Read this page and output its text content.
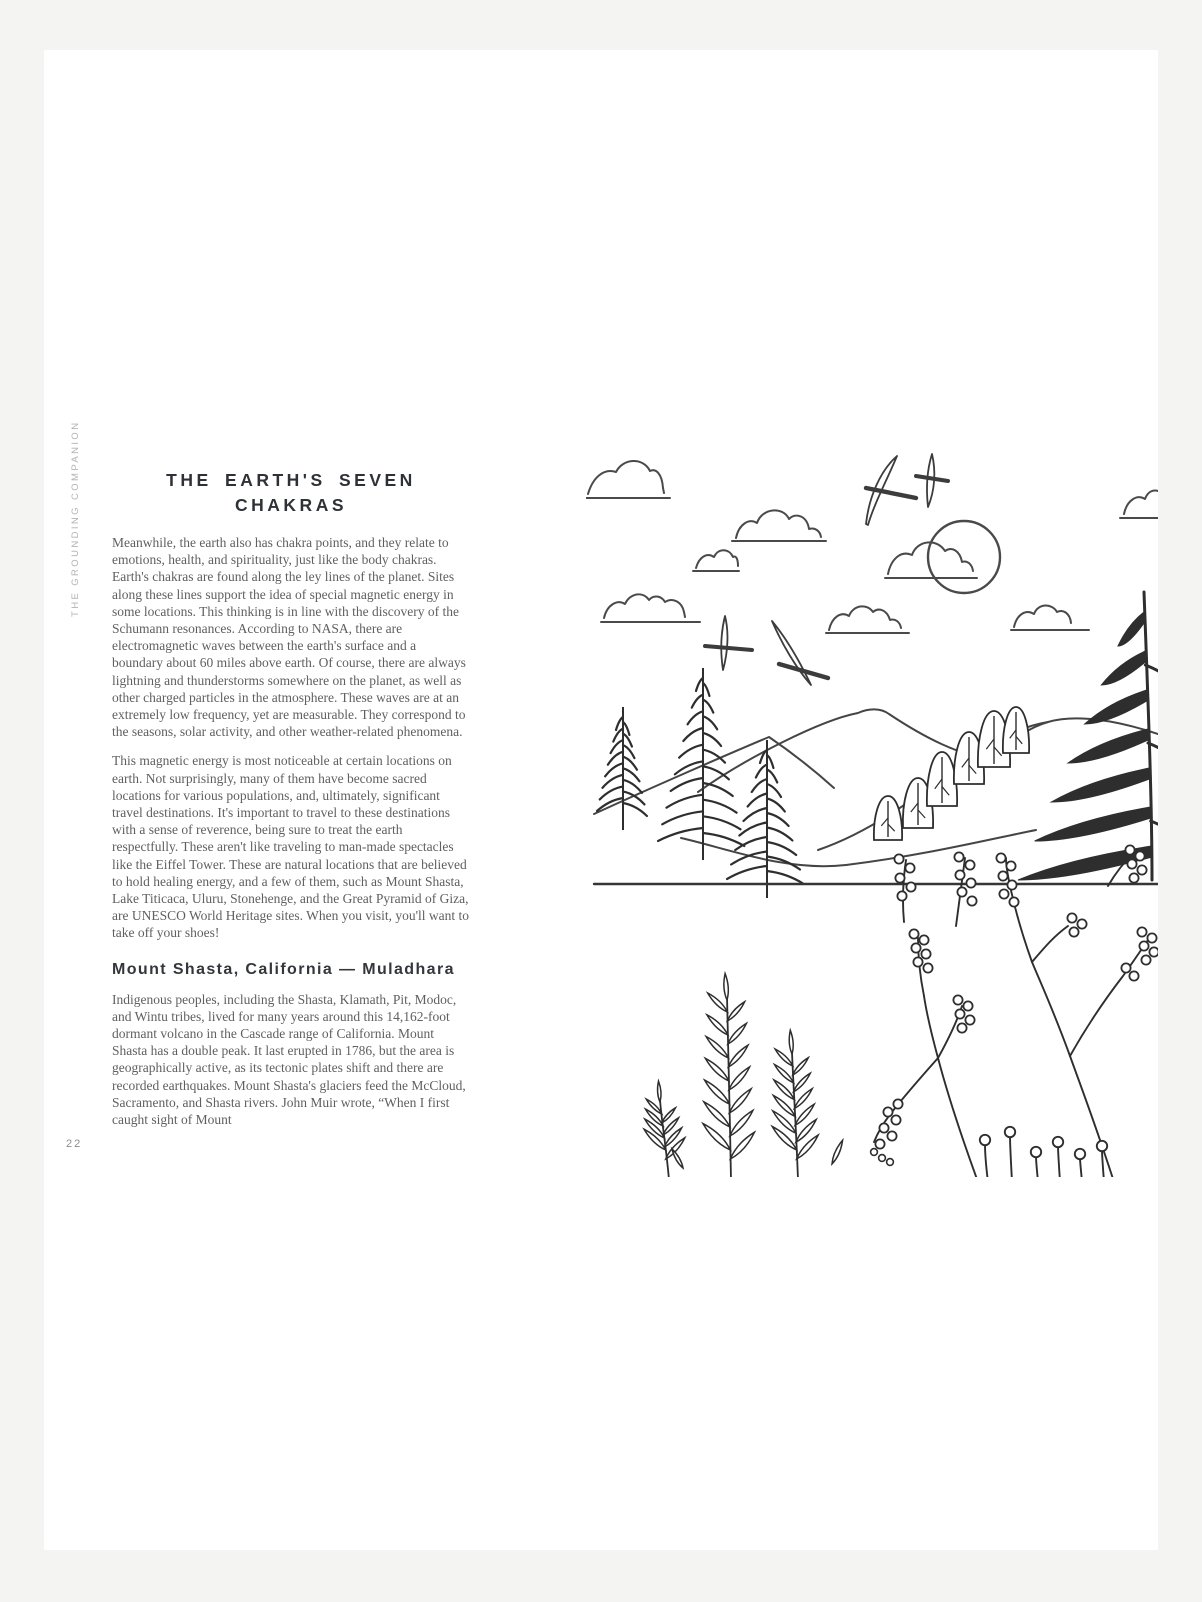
THE GROUNDING COMPANION	THE EARTH'S SEVEN CHAKRAS

Meanwhile, the earth also has chakra points, and they relate to emotions, health, and spirituality, just like the body chakras. Earth's chakras are found along the ley lines of the planet. Sites along these lines support the idea of special magnetic energy in some locations. This thinking is in line with the discovery of the Schumann resonances. According to NASA, there are electromagnetic waves between the earth's surface and a boundary about 60 miles above earth. Of course, there are always lightning and thunderstorms somewhere on the planet, as well as other charged particles in the atmosphere. These waves are at an extremely low frequency, yet are measurable. They correspond to the seasons, solar activity, and other weather-related phenomena.

This magnetic energy is most noticeable at certain locations on earth. Not surprisingly, many of them have become sacred locations for various populations, and, ultimately, significant travel destinations. It's important to travel to these destinations with a sense of reverence, being sure to treat the earth respectfully. These aren't like traveling to man-made spectacles like the Eiffel Tower. These are natural locations that are believed to hold healing energy, and a few of them, such as Mount Shasta, Lake Titicaca, Uluru, Stonehenge, and the Great Pyramid of Giza, are UNESCO World Heritage sites. When you visit, you'll want to take off your shoes!

Mount Shasta, California — Muladhara

Indigenous peoples, including the Shasta, Klamath, Pit, Modoc, and Wintu tribes, lived for many years around this 14,162-foot dormant volcano in the Cascade range of California. Mount Shasta has a double peak. It last erupted in 1786, but the area is geographically active, as its tectonic plates shift and there are recorded earthquakes. Mount Shasta's glaciers feed the McCloud, Sacramento, and Shasta rivers. John Muir wrote, “When I first caught sight of Mount

22
